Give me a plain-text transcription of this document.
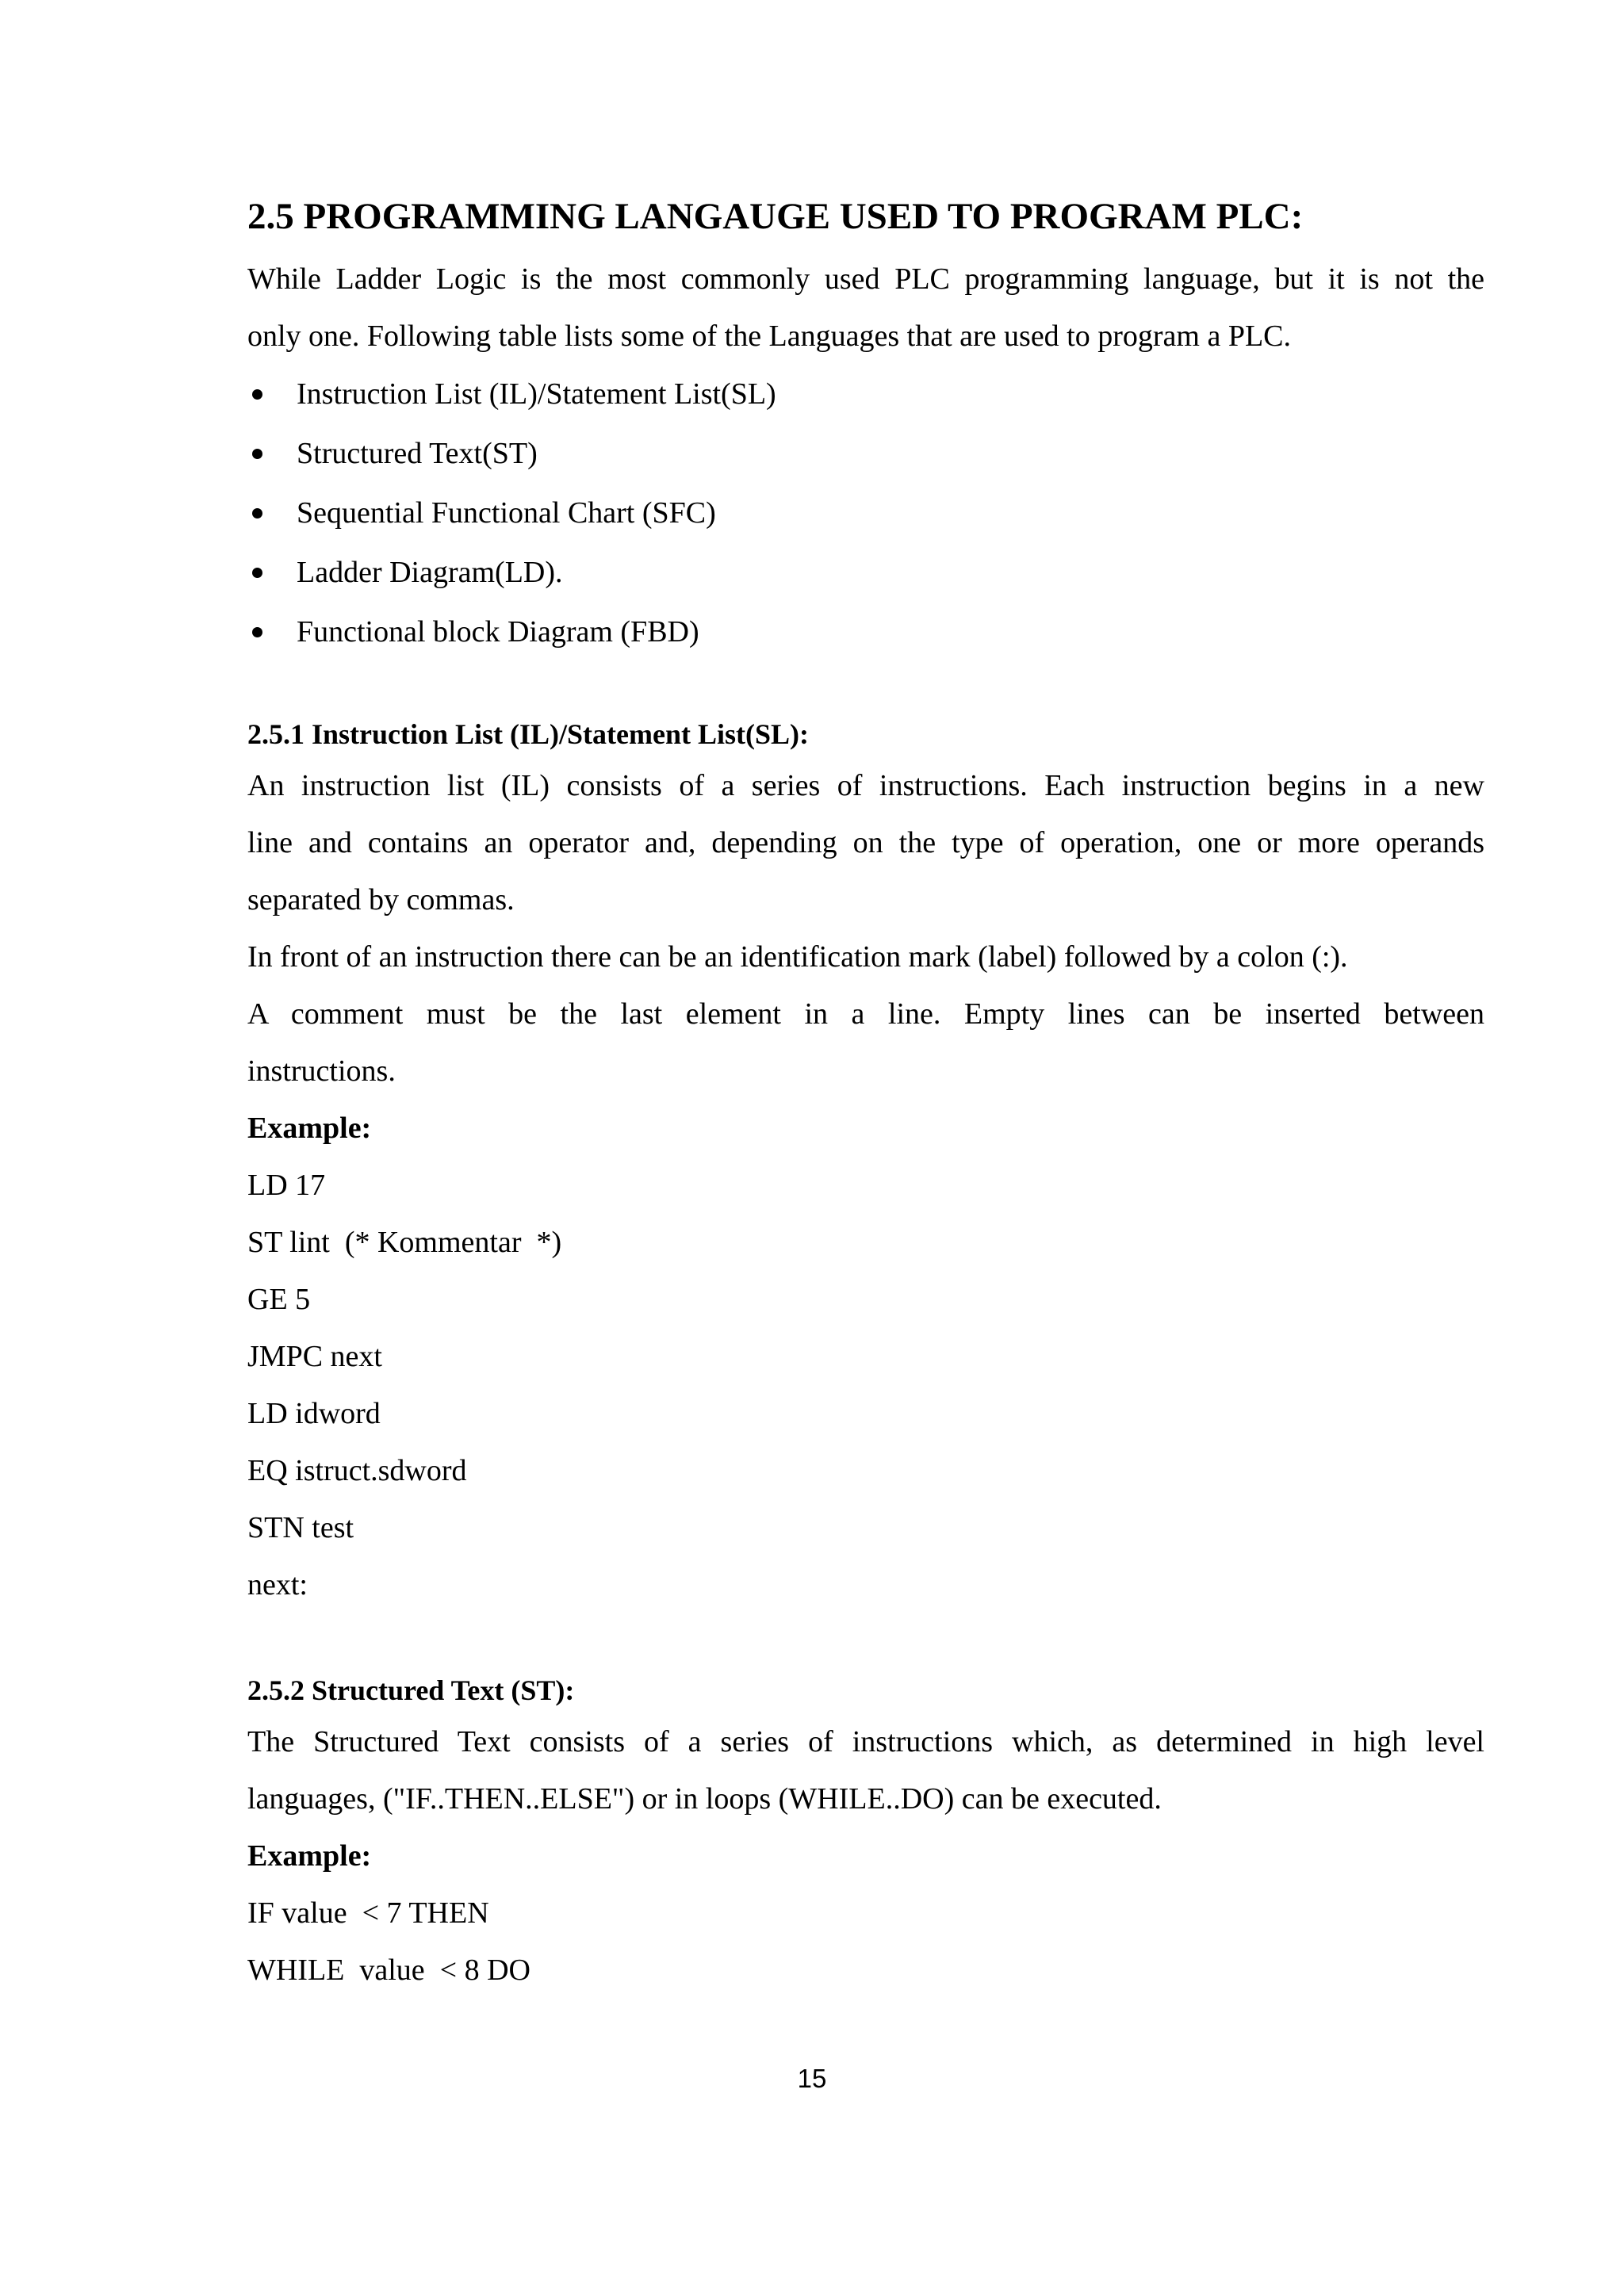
2.5 PROGRAMMING LANGAUGE USED TO PROGRAM PLC:

While Ladder Logic is the most commonly used PLC programming language, but it is not the

only one. Following table lists some of the Languages that are used to program a PLC.

Instruction List (IL)/Statement List(SL)
Structured Text(ST)
Sequential Functional Chart (SFC)
Ladder Diagram(LD).
Functional block Diagram (FBD)
2.5.1 Instruction List (IL)/Statement List(SL):

An instruction list (IL) consists of a series of instructions. Each instruction begins in a new

line and contains an operator and, depending on the type of operation, one or more operands

separated by commas.

In front of an instruction there can be an identification mark (label) followed by a colon (:).

A comment must be the last element in a line. Empty lines can be inserted between

instructions.

Example:

LD 17

ST lint  (* Kommentar  *)

GE 5

JMPC next

LD idword

EQ istruct.sdword

STN test

next:

2.5.2 Structured Text (ST):

The Structured Text consists of a series of instructions which, as determined in high level

languages, ("IF..THEN..ELSE") or in loops (WHILE..DO) can be executed.

Example:

IF value  < 7 THEN

WHILE  value  < 8 DO

15
